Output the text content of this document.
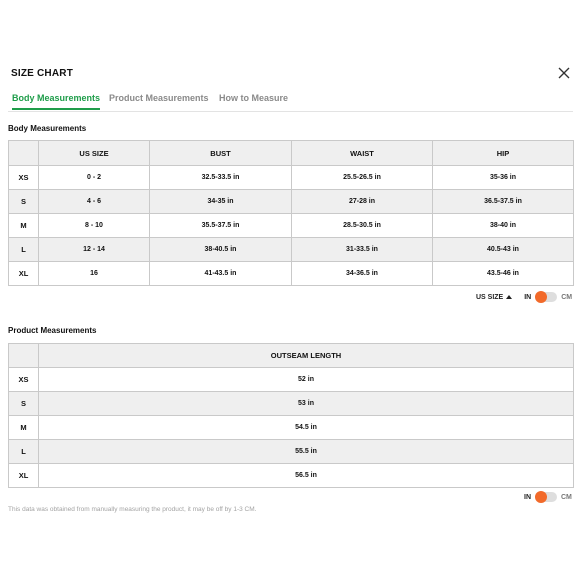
SIZE CHART
Body Measurements Product Measurements How to Measure
Body Measurements
	US SIZE	BUST	WAIST	HIP
XS	0 - 2	32.5-33.5 in	25.5-26.5 in	35-36 in
S	4 - 6	34-35 in	27-28 in	36.5-37.5 in
M	8 - 10	35.5-37.5 in	28.5-30.5 in	38-40 in
L	12 - 14	38-40.5 in	31-33.5 in	40.5-43 in
XL	16	41-43.5 in	34-36.5 in	43.5-46 in
US SIZE	IN	CM
Product Measurements
	OUTSEAM LENGTH
XS	52 in
S	53 in
M	54.5 in
L	55.5 in
XL	56.5 in
IN	CM
This data was obtained from manually measuring the product, it may be off by 1-3 CM.
